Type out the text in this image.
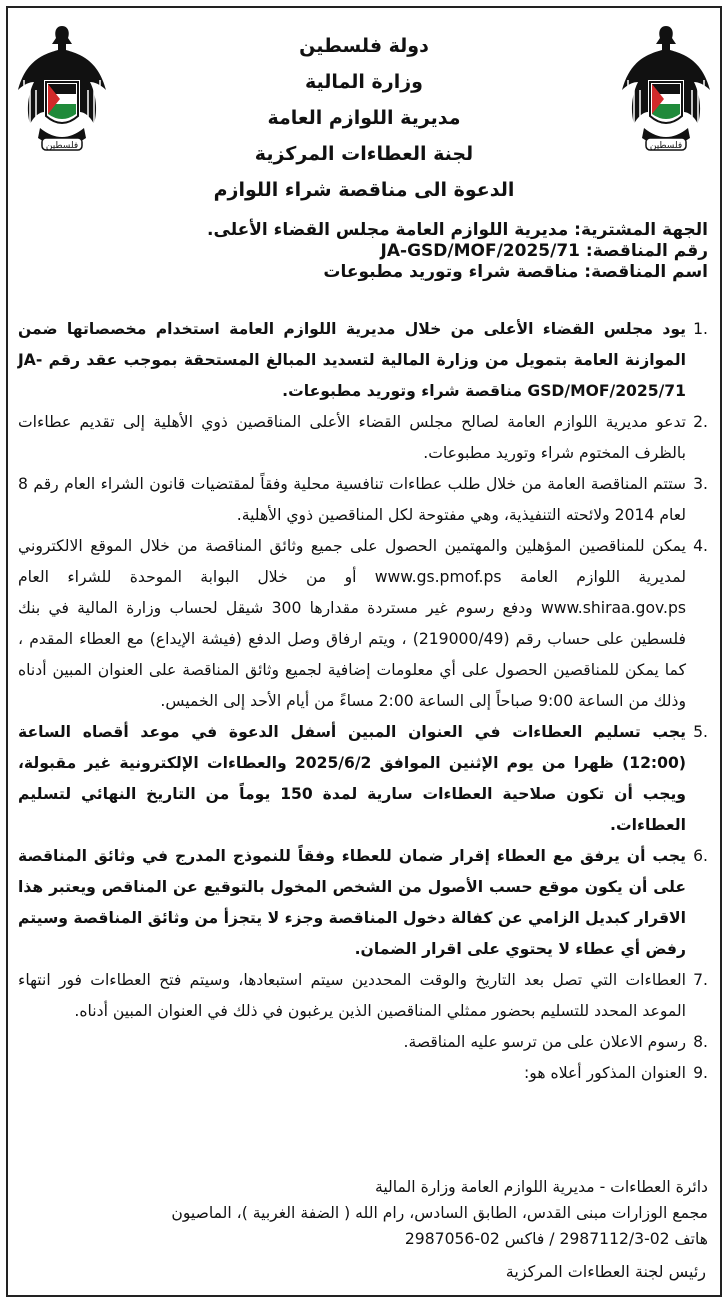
فلسطين
فلسطين
دولة فلسطين
وزارة المالية
مديرية اللوازم العامة
لجنة العطاءات المركزية
الدعوة الى مناقصة شراء اللوازم
الجهة المشترية: مديرية اللوازم العامة مجلس القضاء الأعلى.
رقم المناقصة: JA-GSD/MOF/2025/71
اسم المناقصة: مناقصة شراء وتوريد مطبوعات
.1
يود مجلس القضاء الأعلى من خلال مديرية اللوازم العامة استخدام مخصصاتها ضمن الموازنة العامة بتمويل من وزارة المالية لتسديد المبالغ المستحقة بموجب عقد رقم JA-GSD/MOF/2025/71 مناقصة شراء وتوريد مطبوعات.
.2
تدعو مديرية اللوازم العامة لصالح مجلس القضاء الأعلى المناقصين ذوي الأهلية إلى تقديم عطاءات بالظرف المختوم شراء وتوريد مطبوعات.
.3
ستتم المناقصة العامة من خلال طلب عطاءات تنافسية محلية وفقاً لمقتضيات قانون الشراء العام رقم 8 لعام 2014 ولائحته التنفيذية، وهي مفتوحة لكل المناقصين ذوي الأهلية.
.4
يمكن للمناقصين المؤهلين والمهتمين الحصول على جميع وثائق المناقصة من خلال الموقع الالكتروني لمديرية اللوازم العامة www.gs.pmof.ps أو من خلال البوابة الموحدة للشراء العام www.shiraa.gov.ps ودفع رسوم غير مستردة مقدارها 300 شيقل لحساب وزارة المالية في بنك فلسطين على حساب رقم (219000/49) ، ويتم ارفاق وصل الدفع (فيشة الإيداع) مع العطاء المقدم ، كما يمكن للمناقصين الحصول على أي معلومات إضافية لجميع وثائق المناقصة على العنوان المبين أدناه وذلك من الساعة 9:00 صباحاً إلى الساعة 2:00 مساءً من أيام الأحد إلى الخميس.
.5
يجب تسليم العطاءات في العنوان المبين أسفل الدعوة في موعد أقصاه الساعة (12:00) ظهرا من يوم الإثنين الموافق 2025/6/2 والعطاءات الإلكترونية غير مقبولة، ويجب أن تكون صلاحية العطاءات سارية لمدة 150 يوماً من التاريخ النهائي لتسليم العطاءات.
.6
يجب أن يرفق مع العطاء إقرار ضمان للعطاء وفقاً للنموذج المدرج في وثائق المناقصة على أن يكون موقع حسب الأصول من الشخص المخول بالتوقيع عن المناقص ويعتبر هذا الاقرار كبديل الزامي عن كفالة دخول المناقصة وجزء لا يتجزأ من وثائق المناقصة وسيتم رفض أي عطاء لا يحتوي على اقرار الضمان.
.7
العطاءات التي تصل بعد التاريخ والوقت المحددين سيتم استبعادها، وسيتم فتح العطاءات فور انتهاء الموعد المحدد للتسليم بحضور ممثلي المناقصين الذين يرغبون في ذلك في العنوان المبين أدناه.
.8
رسوم الاعلان على من ترسو عليه المناقصة.
.9
العنوان المذكور أعلاه هو:
دائرة العطاءات - مديرية اللوازم العامة وزارة المالية
مجمع الوزارات مبنى القدس، الطابق السادس، رام الله ( الضفة الغربية )، الماصيون
هاتف 02-2987112/3 / فاكس 02-2987056
رئيس لجنة العطاءات المركزية
